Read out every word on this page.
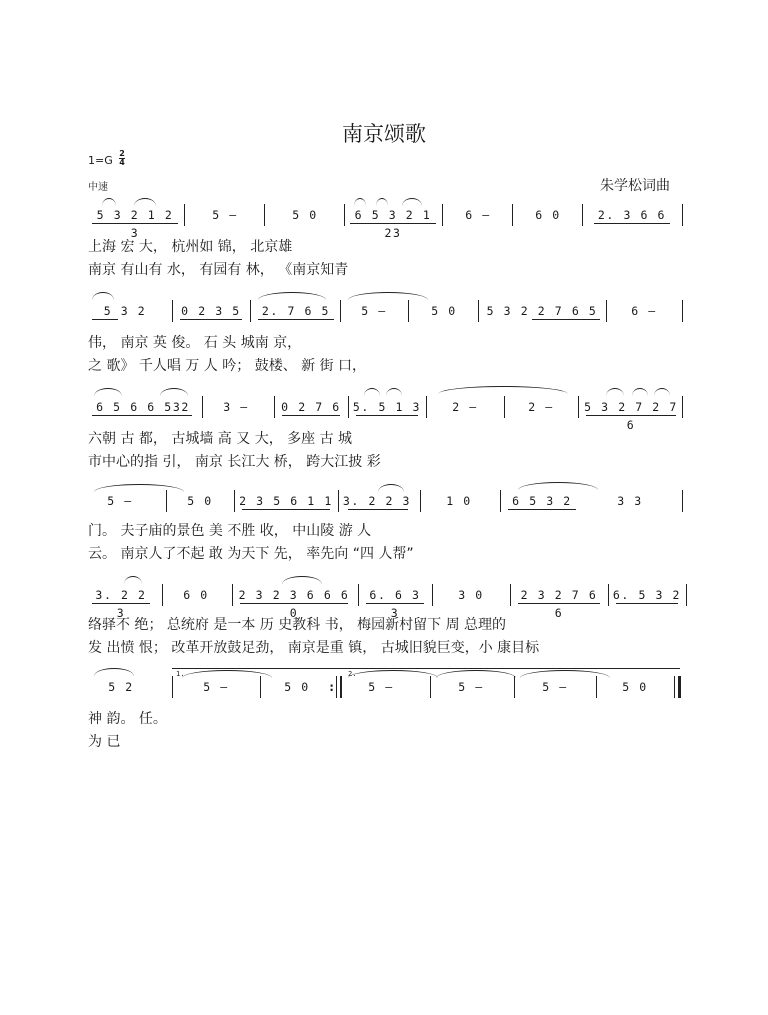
南京颂歌
1=G
2
4
中速	朱学松词曲
5 3 2 1 2 3
5 –	5 0	6 5 3 2 1 23
6 –	6 0	2. 3 6 6
上海 宏 大， 杭州如 锦， 北京雄
南京 有山有 水， 有园有 林， 《南京知青
5 3 2	0 2 3 5	2. 7 6 5	5 –	5 0	5 3 2 2 7 6 5	6 –
伟， 南京 英 俊。 石 头 城南 京，
之 歌》 千人唱 万 人 吟； 鼓楼、 新 街 口，
6 5 6 6 532	3 –	0 2 7 6 5. 5 1 3	2 –	2 –	5 3 2 7 2 7 6
六朝 古 都， 古城墙 高 又 大， 多座 古 城
市中心的指 引， 南京 长江大 桥， 跨大江披 彩
5 –	5 0	2 3 5 6 1 1 3. 2 2 3	1 0	6 5 3 2	3 3
门。 夫子庙的景色 美 不胜 收， 中山陵 游 人
云。 南京人了不起 敢 为天下 先， 率先向 “四 人帮”
3. 2 2 3
6 0	2 3 2 3 6 6 6 0
6. 6 3 3
3 0	2 3 2 7 6 6
6. 5 3 2
络驿不 绝； 总统府 是一本 历 史教科 书， 梅园新村留下 周 总理的
发 出愤 恨； 改革开放鼓足劲， 南京是重 镇， 古城旧貌巨变，小 康目标
5 2
1.	2.
5 –	5 0	:	5 –	5 –	5 –	5 0
神 韵。 任。
为 已
